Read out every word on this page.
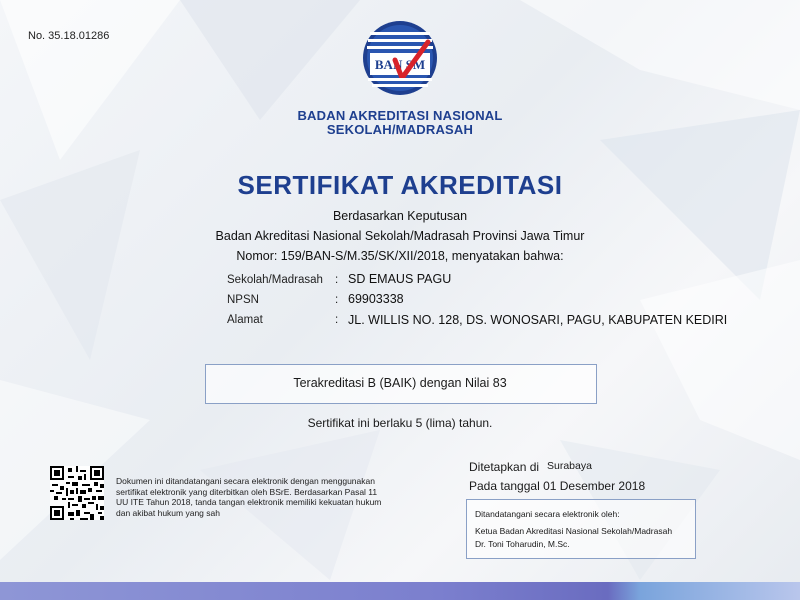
No. 35.18.01286
BAN SM
BADAN AKREDITASI NASIONAL
SEKOLAH/MADRASAH
SERTIFIKAT AKREDITASI
Berdasarkan Keputusan
Badan Akreditasi Nasional Sekolah/Madrasah Provinsi Jawa Timur
Nomor: 159/BAN-S/M.35/SK/XII/2018, menyatakan bahwa:
Sekolah/Madrasah : SD EMAUS PAGU
NPSN	: 69903338
Alamat	: JL. WILLIS NO. 128, DS. WONOSARI, PAGU, KABUPATEN KEDIRI
Terakreditasi B (BAIK) dengan Nilai 83
Sertifikat ini berlaku 5 (lima) tahun.
Dokumen ini ditandatangani secara elektronik dengan menggunakan sertifikat elektronik yang diterbitkan oleh BSrE. Berdasarkan Pasal 11 UU ITE Tahun 2018, tanda tangan elektronik memiliki kekuatan hukum dan akibat hukum yang sah
Ditetapkan di Surabaya
Pada tanggal 01 Desember 2018
Ditandatangani secara elektronik oleh:
Ketua Badan Akreditasi Nasional Sekolah/Madrasah
Dr. Toni Toharudin, M.Sc.
